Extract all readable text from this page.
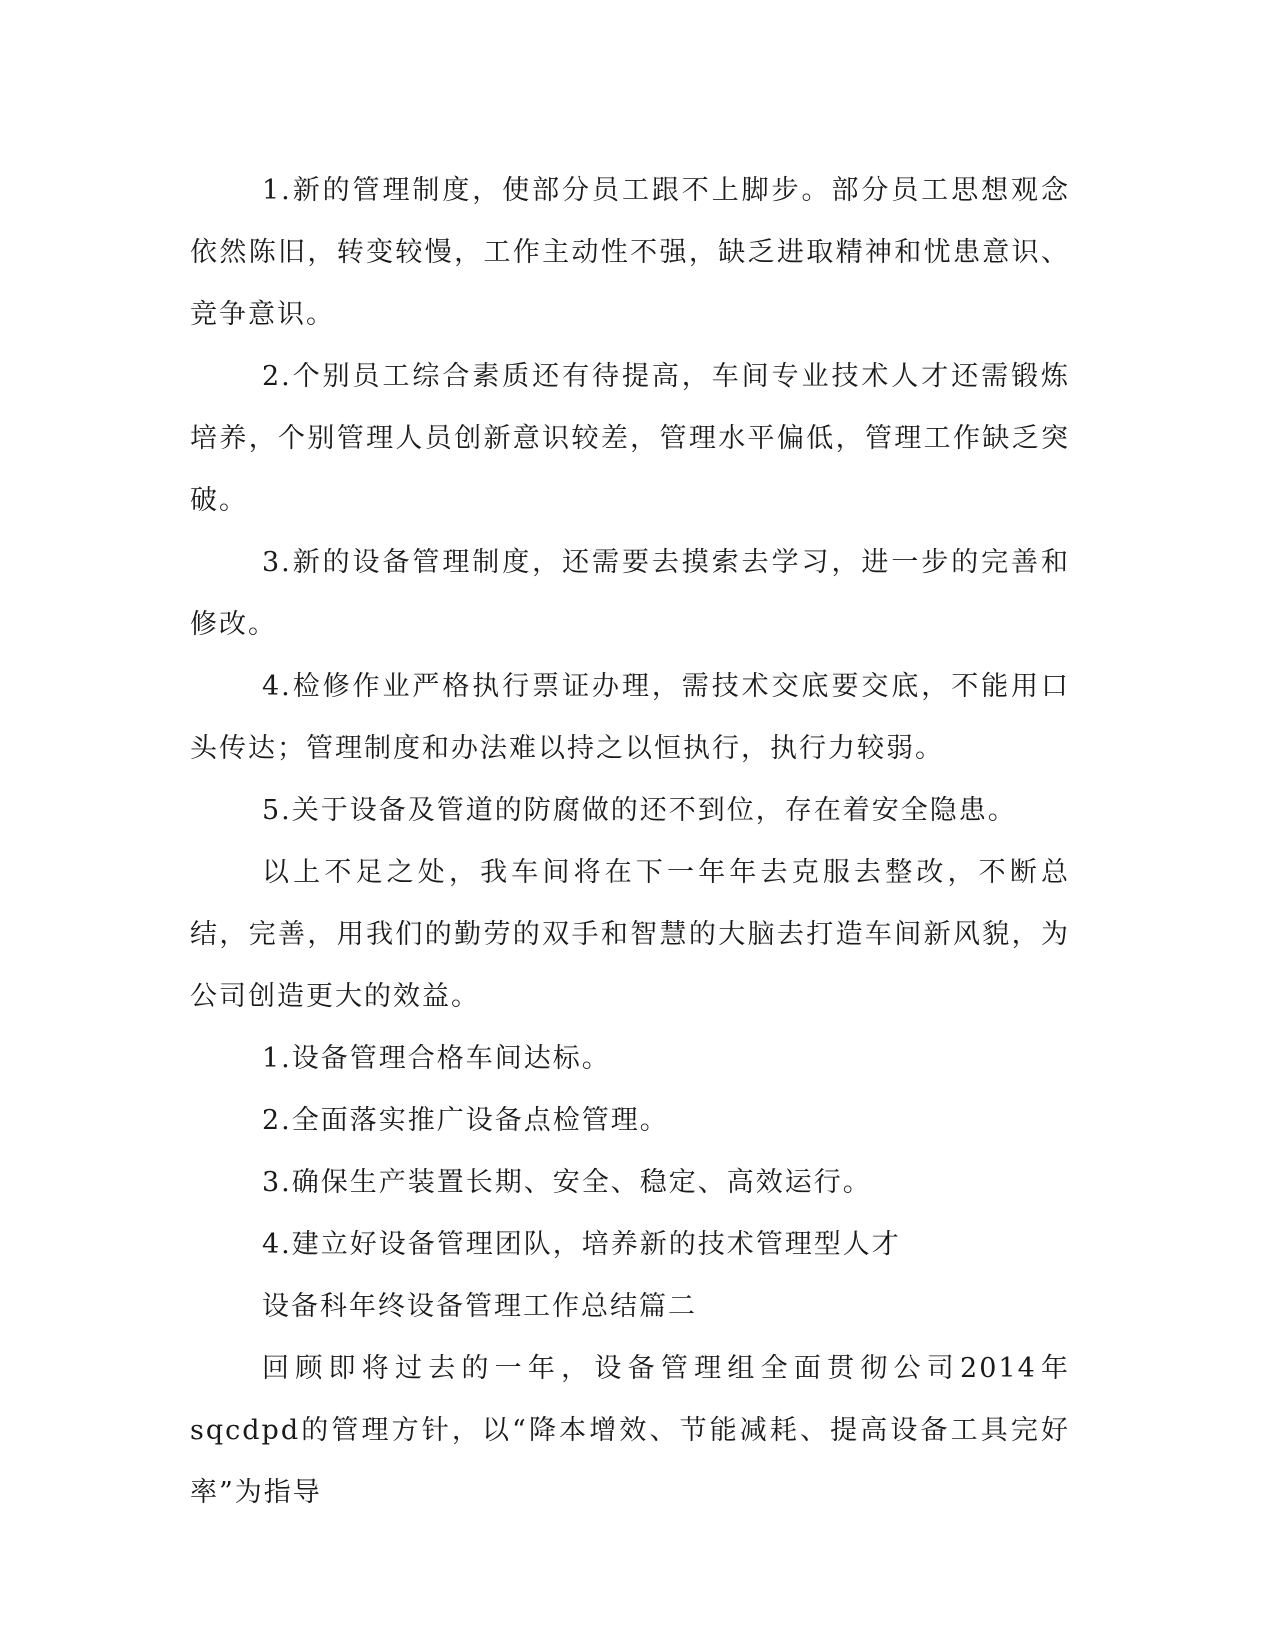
1.新的管理制度，使部分员工跟不上脚步。部分员工思想观念依然陈旧，转变较慢，工作主动性不强，缺乏进取精神和忧患意识、竞争意识。

2.个别员工综合素质还有待提高，车间专业技术人才还需锻炼培养，个别管理人员创新意识较差，管理水平偏低，管理工作缺乏突破。

3.新的设备管理制度，还需要去摸索去学习，进一步的完善和修改。

4.检修作业严格执行票证办理，需技术交底要交底，不能用口头传达；管理制度和办法难以持之以恒执行，执行力较弱。

5.关于设备及管道的防腐做的还不到位，存在着安全隐患。

以上不足之处，我车间将在下一年年去克服去整改，不断总结，完善，用我们的勤劳的双手和智慧的大脑去打造车间新风貌，为公司创造更大的效益。

1.设备管理合格车间达标。

2.全面落实推广设备点检管理。

3.确保生产装置长期、安全、稳定、高效运行。

4.建立好设备管理团队，培养新的技术管理型人才

设备科年终设备管理工作总结篇二

回顾即将过去的一年，设备管理组全面贯彻公司2014年sqcdpd的管理方针，以“降本增效、节能减耗、提高设备工具完好率”为指导
